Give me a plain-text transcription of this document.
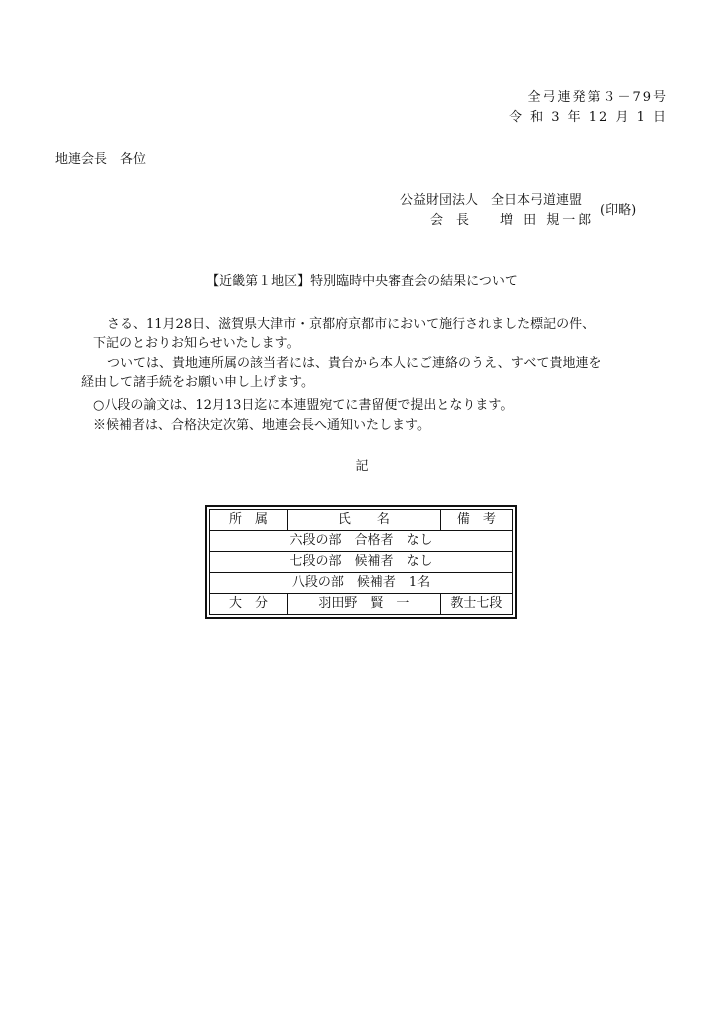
全弓連発第３－79号
令 和 3 年 12 月 1 日
地連会長　各位
公益財団法人　全日本弓道連盟
会　長 増 田 規一郎
(印略)
【近畿第１地区】特別臨時中央審査会の結果について
さる、11月28日、滋賀県大津市・京都府京都市において施行されました標記の件、
下記のとおりお知らせいたします。
ついては、貴地連所属の該当者には、貴台から本人にご連絡のうえ、すべて貴地連を
経由して諸手続をお願い申し上げます。
○八段の論文は、12月13日迄に本連盟宛てに書留便で提出となります。
※候補者は、合格決定次第、地連会長へ通知いたします。
記
所　属	氏　　名	備　考
六段の部　合格者　なし		
七段の部　候補者　なし		
八段の部　候補者　1名		
大　分	羽田野　賢　一	教士七段
